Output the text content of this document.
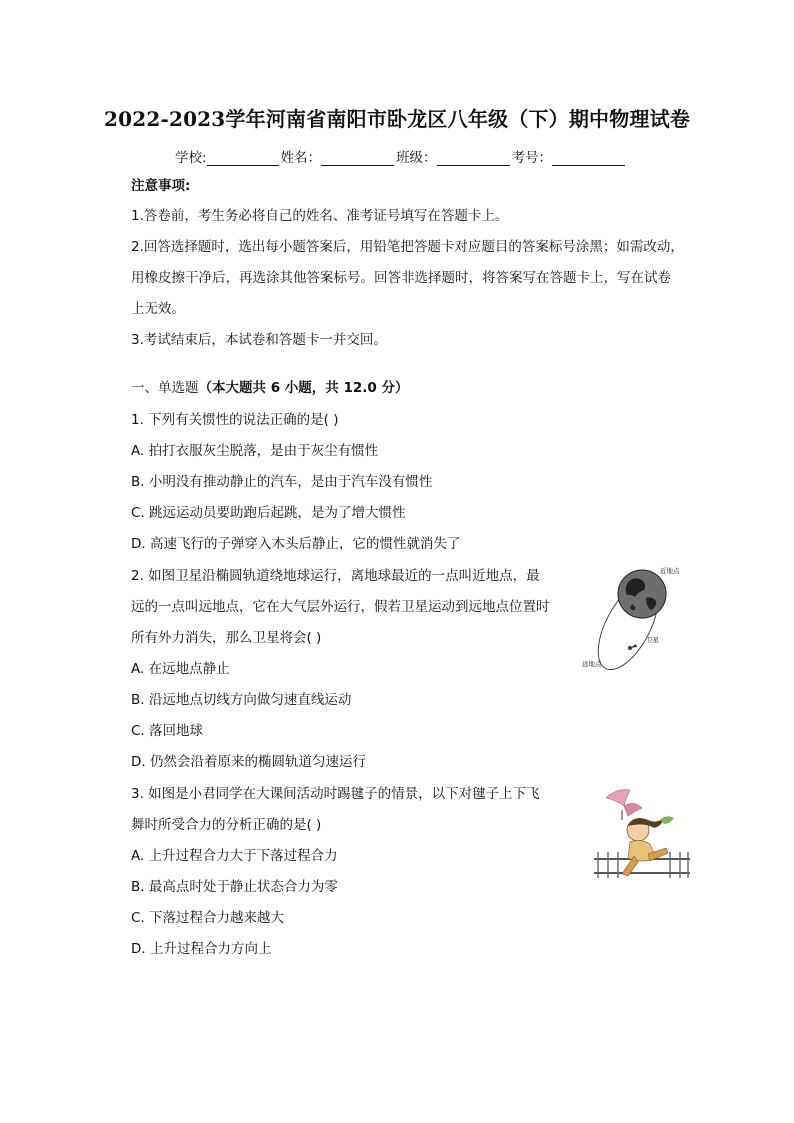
2022-2023学年河南省南阳市卧龙区八年级（下）期中物理试卷
学校:	姓名：	班级：	考号：
注意事项:
1.答卷前，考生务必将自己的姓名、准考证号填写在答题卡上。
2.回答选择题时，选出每小题答案后，用铅笔把答题卡对应题目的答案标号涂黑；如需改动，
用橡皮擦干净后，再选涂其他答案标号。回答非选择题时，将答案写在答题卡上，写在试卷
上无效。
3.考试结束后，本试卷和答题卡一并交回。
一、单选题（本大题共 6 小题，共 12.0 分）
1. 下列有关惯性的说法正确的是( )
A. 拍打衣服灰尘脱落，是由于灰尘有惯性
B. 小明没有推动静止的汽车，是由于汽车没有惯性
C. 跳远运动员要助跑后起跳，是为了增大惯性
D. 高速飞行的子弹穿入木头后静止，它的惯性就消失了
2. 如图卫星沿椭圆轨道绕地球运行，离地球最近的一点叫近地点，最
远的一点叫远地点，它在大气层外运行，假若卫星运动到远地点位置时
所有外力消失，那么卫星将会( )
A. 在远地点静止
B. 沿远地点切线方向做匀速直线运动
C. 落回地球
D. 仍然会沿着原来的椭圆轨道匀速运行
近地点
卫星
远地点
3. 如图是小君同学在大课间活动时踢毽子的情景，以下对毽子上下飞
舞时所受合力的分析正确的是( )
A. 上升过程合力大于下落过程合力
B. 最高点时处于静止状态合力为零
C. 下落过程合力越来越大
D. 上升过程合力方向上
